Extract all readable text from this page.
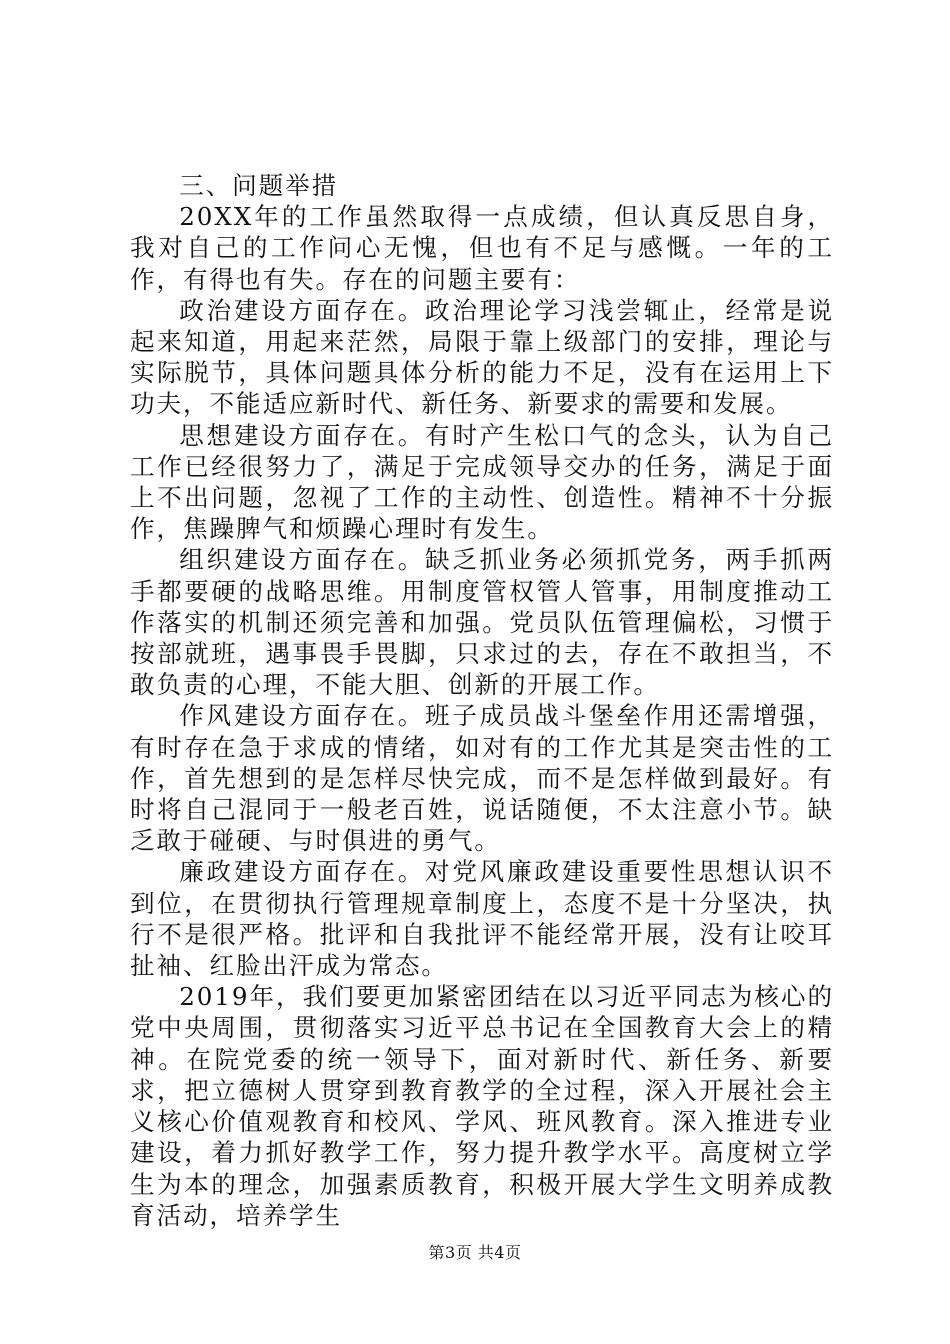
三、问题举措

20XX年的工作虽然取得一点成绩，但认真反思自身，我对自己的工作问心无愧，但也有不足与感慨。一年的工作，有得也有失。存在的问题主要有：

政治建设方面存在。政治理论学习浅尝辄止，经常是说起来知道，用起来茫然，局限于靠上级部门的安排，理论与实际脱节，具体问题具体分析的能力不足，没有在运用上下功夫，不能适应新时代、新任务、新要求的需要和发展。

思想建设方面存在。有时产生松口气的念头，认为自己工作已经很努力了，满足于完成领导交办的任务，满足于面上不出问题，忽视了工作的主动性、创造性。精神不十分振作，焦躁脾气和烦躁心理时有发生。

组织建设方面存在。缺乏抓业务必须抓党务，两手抓两手都要硬的战略思维。用制度管权管人管事，用制度推动工作落实的机制还须完善和加强。党员队伍管理偏松，习惯于按部就班，遇事畏手畏脚，只求过的去，存在不敢担当，不敢负责的心理，不能大胆、创新的开展工作。

作风建设方面存在。班子成员战斗堡垒作用还需增强，有时存在急于求成的情绪，如对有的工作尤其是突击性的工作，首先想到的是怎样尽快完成，而不是怎样做到最好。有时将自己混同于一般老百姓，说话随便，不太注意小节。缺乏敢于碰硬、与时俱进的勇气。

廉政建设方面存在。对党风廉政建设重要性思想认识不到位，在贯彻执行管理规章制度上，态度不是十分坚决，执行不是很严格。批评和自我批评不能经常开展，没有让咬耳扯袖、红脸出汗成为常态。

2019年，我们要更加紧密团结在以习近平同志为核心的党中央周围，贯彻落实习近平总书记在全国教育大会上的精神。在院党委的统一领导下，面对新时代、新任务、新要求，把立德树人贯穿到教育教学的全过程，深入开展社会主义核心价值观教育和校风、学风、班风教育。深入推进专业建设，着力抓好教学工作，努力提升教学水平。高度树立学生为本的理念，加强素质教育，积极开展大学生文明养成教育活动，培养学生

第3页 共4页
